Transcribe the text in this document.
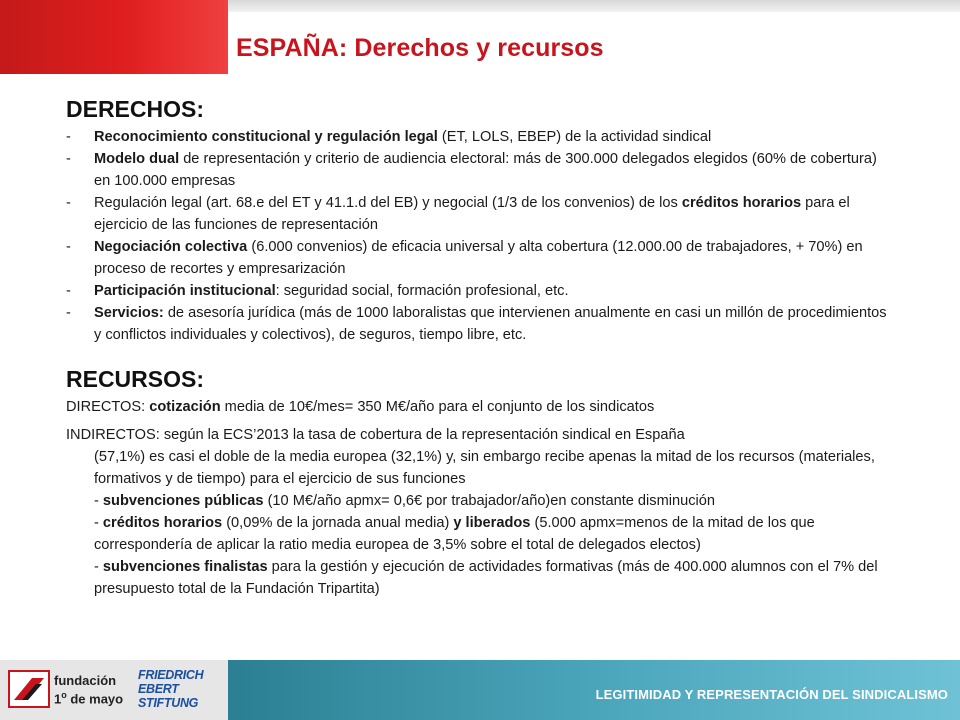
ESPAÑA: Derechos y recursos
DERECHOS:
- Reconocimiento constitucional y regulación legal (ET, LOLS, EBEP) de la actividad sindical
- Modelo dual de representación y criterio de audiencia electoral: más de 300.000 delegados elegidos (60% de cobertura) en 100.000 empresas
- Regulación legal (art. 68.e del ET y 41.1.d del EB) y negocial (1/3 de los convenios) de los créditos horarios para el ejercicio de las funciones de representación
- Negociación colectiva (6.000 convenios) de eficacia universal y alta cobertura (12.000.00 de trabajadores, + 70%) en proceso de recortes y empresarización
- Participación institucional: seguridad social, formación profesional, etc.
- Servicios: de asesoría jurídica (más de 1000 laboralistas que intervienen anualmente en casi un millón de procedimientos y conflictos individuales y colectivos), de seguros, tiempo libre, etc.
RECURSOS:
DIRECTOS: cotización media de 10€/mes= 350 M€/año para el conjunto de los sindicatos
INDIRECTOS: según la ECS’2013 la tasa de cobertura de la representación sindical en España
(57,1%) es casi el doble de la media europea (32,1%) y, sin embargo recibe apenas la mitad de los recursos (materiales, formativos y de tiempo) para el ejercicio de sus funciones
- subvenciones públicas (10 M€/año apmx= 0,6€ por trabajador/año)en constante disminución
- créditos horarios (0,09% de la jornada anual media) y liberados (5.000 apmx=menos de la mitad de los que correspondería de aplicar la ratio media europea de 3,5% sobre el total de delegados electos)
- subvenciones finalistas para la gestión y ejecución de actividades formativas (más de 400.000 alumnos con el 7% del presupuesto total de la Fundación Tripartita)
fundación
1$^o$ de mayo
FRIEDRICH
EBERT
STIFTUNG
LEGITIMIDAD Y REPRESENTACIÓN DEL SINDICALISMO
